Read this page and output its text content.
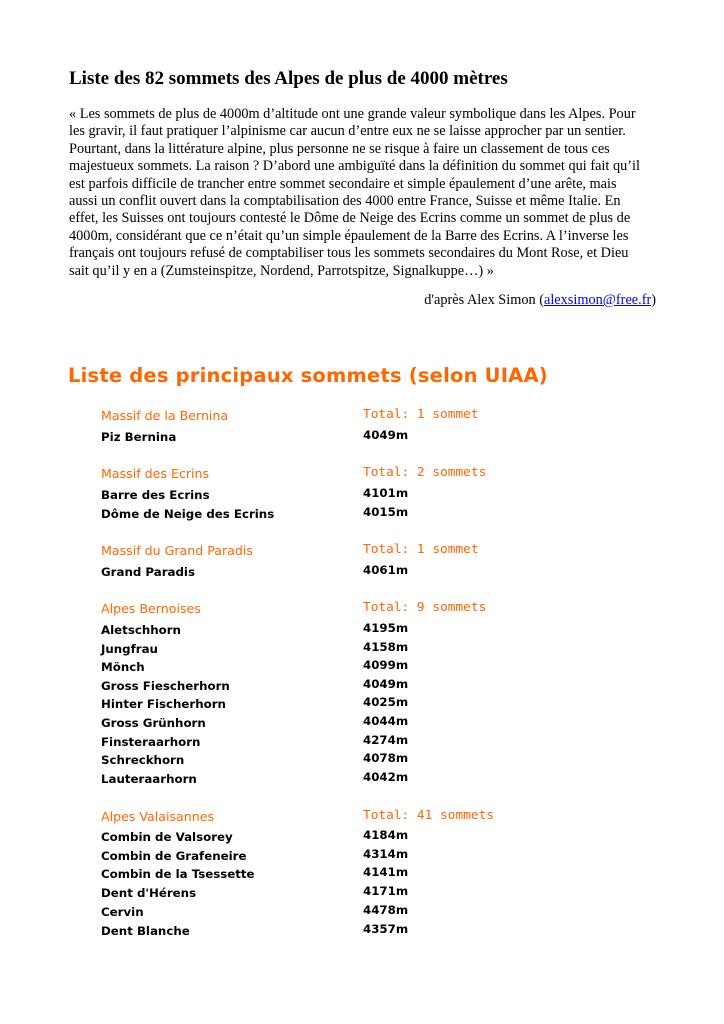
Liste des 82 sommets des Alpes de plus de 4000 mètres
« Les sommets de plus de 4000m d’altitude ont une grande valeur symbolique dans les Alpes. Pour
les gravir, il faut pratiquer l’alpinisme car aucun d’entre eux ne se laisse approcher par un sentier.
Pourtant, dans la littérature alpine, plus personne ne se risque à faire un classement de tous ces
majestueux sommets. La raison ? D’abord une ambiguïté dans la définition du sommet qui fait qu’il
est parfois difficile de trancher entre sommet secondaire et simple épaulement d’une arête, mais
aussi un conflit ouvert dans la comptabilisation des 4000 entre France, Suisse et même Italie. En
effet, les Suisses ont toujours contesté le Dôme de Neige des Ecrins comme un sommet de plus de
4000m, considérant que ce n’était qu’un simple épaulement de la Barre des Ecrins. A l’inverse les
français ont toujours refusé de comptabiliser tous les sommets secondaires du Mont Rose, et Dieu
sait qu’il y en a (Zumsteinspitze, Nordend, Parrotspitze, Signalkuppe…) »
d'après Alex Simon (alexsimon@free.fr)
Liste des principaux sommets (selon UIAA)
Massif de la Bernina	Total: 1 sommet
Piz Bernina	4049m
Massif des Ecrins	Total: 2 sommets
Barre des Ecrins	4101m
Dôme de Neige des Ecrins	4015m
Massif du Grand Paradis	Total: 1 sommet
Grand Paradis	4061m
Alpes Bernoises	Total: 9 sommets
Aletschhorn	4195m
Jungfrau	4158m
Mönch	4099m
Gross Fiescherhorn	4049m
Hinter Fischerhorn	4025m
Gross Grünhorn	4044m
Finsteraarhorn	4274m
Schreckhorn	4078m
Lauteraarhorn	4042m
Alpes Valaisannes	Total: 41 sommets
Combin de Valsorey	4184m
Combin de Grafeneire	4314m
Combin de la Tsessette	4141m
Dent d'Hérens	4171m
Cervin	4478m
Dent Blanche	4357m
